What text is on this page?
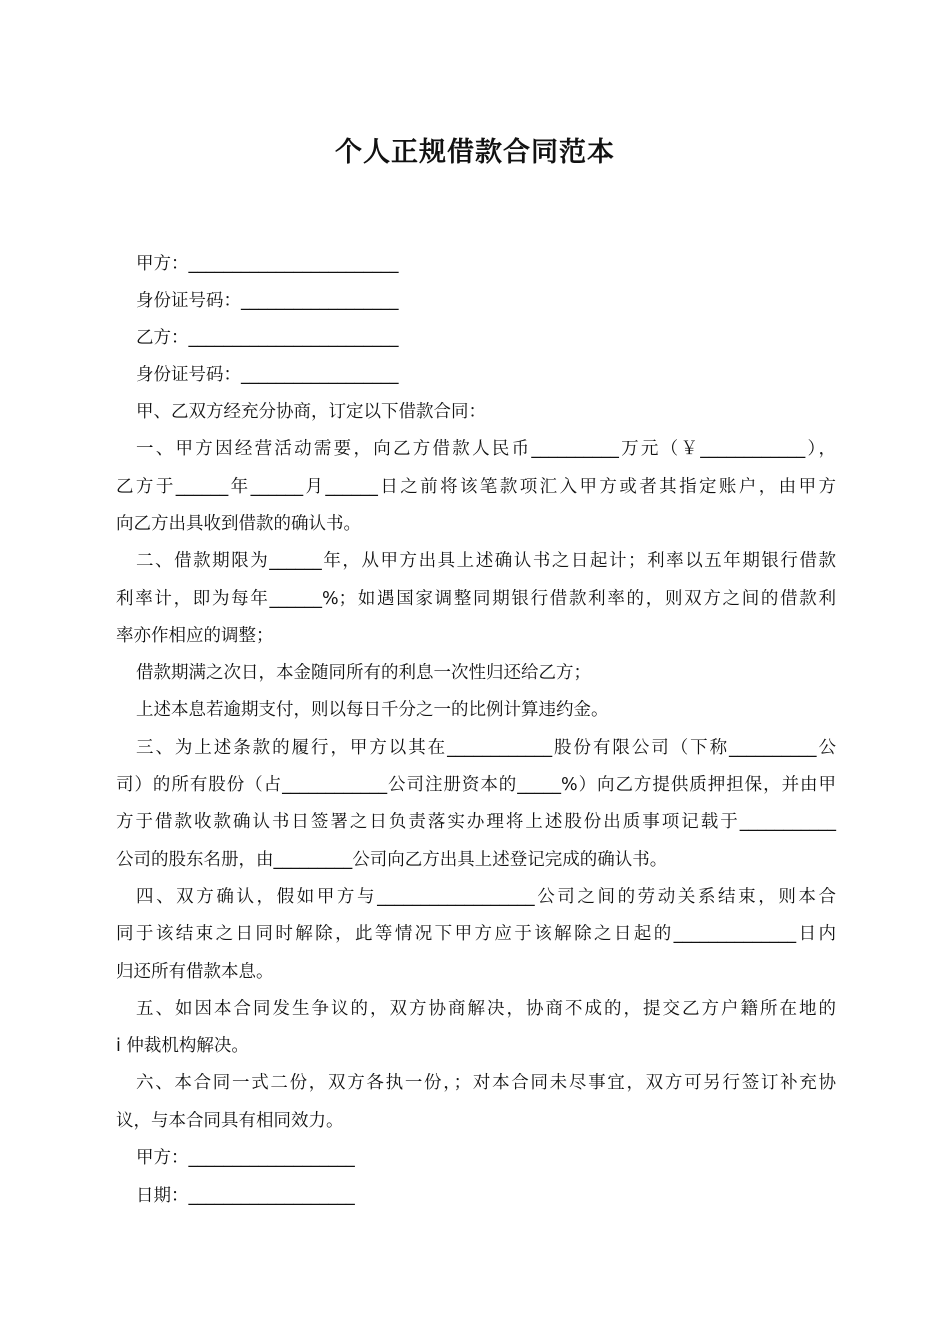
个人正规借款合同范本
甲方：________________________
身份证号码：__________________
乙方：________________________
身份证号码：__________________
甲、乙双方经充分协商，订定以下借款合同：
一、甲方因经营活动需要，向乙方借款人民币__________万元（￥____________），
乙方于______年______月______日之前将该笔款项汇入甲方或者其指定账户，由甲方
向乙方出具收到借款的确认书。
二、借款期限为______年，从甲方出具上述确认书之日起计；利率以五年期银行借款
利率计，即为每年______%；如遇国家调整同期银行借款利率的，则双方之间的借款利
率亦作相应的调整；
借款期满之次日，本金随同所有的利息一次性归还给乙方；
上述本息若逾期支付，则以每日千分之一的比例计算违约金。
三、为上述条款的履行，甲方以其在____________股份有限公司（下称__________公
司）的所有股份（占____________公司注册资本的_____%）向乙方提供质押担保，并由甲
方于借款收款确认书日签署之日负责落实办理将上述股份出质事项记载于___________
公司的股东名册，由_________公司向乙方出具上述登记完成的确认书。
四、双方确认，假如甲方与__________________公司之间的劳动关系结束，则本合
同于该结束之日同时解除，此等情况下甲方应于该解除之日起的______________日内
归还所有借款本息。
五、如因本合同发生争议的，双方协商解决，协商不成的，提交乙方户籍所在地的
i 仲裁机构解决。
六、本合同一式二份，双方各执一份，；对本合同未尽事宜，双方可另行签订补充协
议，与本合同具有相同效力。
甲方：___________________
日期：___________________
